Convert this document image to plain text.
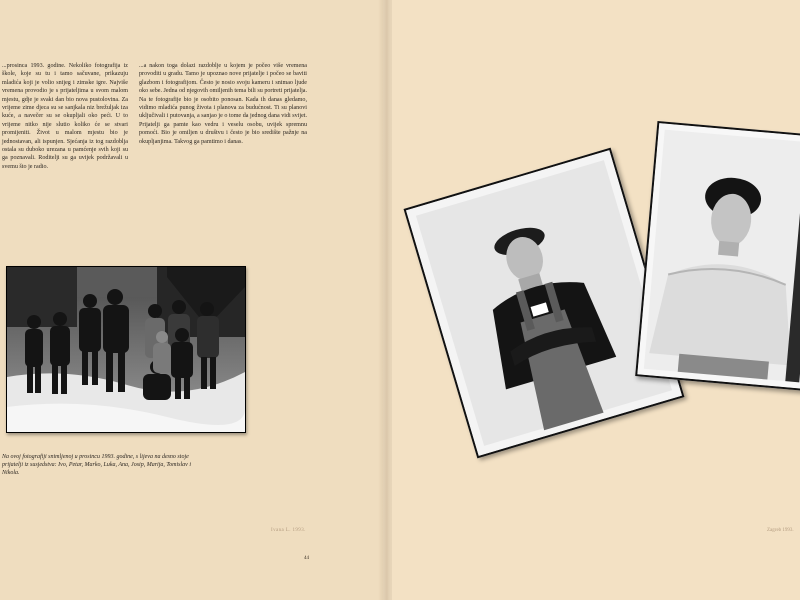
...prosinca 1993. godine. Nekoliko fotografija iz škole, koje su tu i tamo sačuvane, prikazuju mladića koji je volio snijeg i zimske igre. Najviše vremena provodio je s prijateljima u svom malom mjestu, gdje je svaki dan bio nova pustolovina. Za vrijeme zime djeca su se sanjkala niz brežuljak iza kuće, a navečer su se okupljali oko peći. U to vrijeme nitko nije slutio koliko će se stvari promijeniti. Život u malom mjestu bio je jednostavan, ali ispunjen. Sjećanja iz tog razdoblja ostala su duboko urezana u pamćenje svih koji su ga poznavali. Roditelji su ga uvijek podržavali u svemu što je radio.

...a nakon toga dolazi razdoblje u kojem je počeo više vremena provoditi u gradu. Tamo je upoznao nove prijatelje i počeo se baviti glazbom i fotografijom. Često je nosio svoju kameru i snimao ljude oko sebe. Jedna od njegovih omiljenih tema bili su portreti prijatelja. Na te fotografije bio je osobito ponosan. Kada ih danas gledamo, vidimo mladića punog života i planova za budućnost. Ti su planovi uključivali i putovanja, a sanjao je o tome da jednog dana vidi svijet. Prijatelji ga pamte kao vedru i veselu osobu, uvijek spremnu pomoći. Bio je omiljen u društvu i često je bio središte pažnje na okupljanjima. Takvog ga pamtimo i danas.

Na ovoj fotografiji snimljenoj u prosincu 1993. godine, s lijeva na desno stoje prijatelji iz susjedstva: Ivo, Petar, Marko, Luka, Ana, Josip, Marija, Tomislav i Nikola.

Ivana L. 1993.
44
Zagreb 1993.
